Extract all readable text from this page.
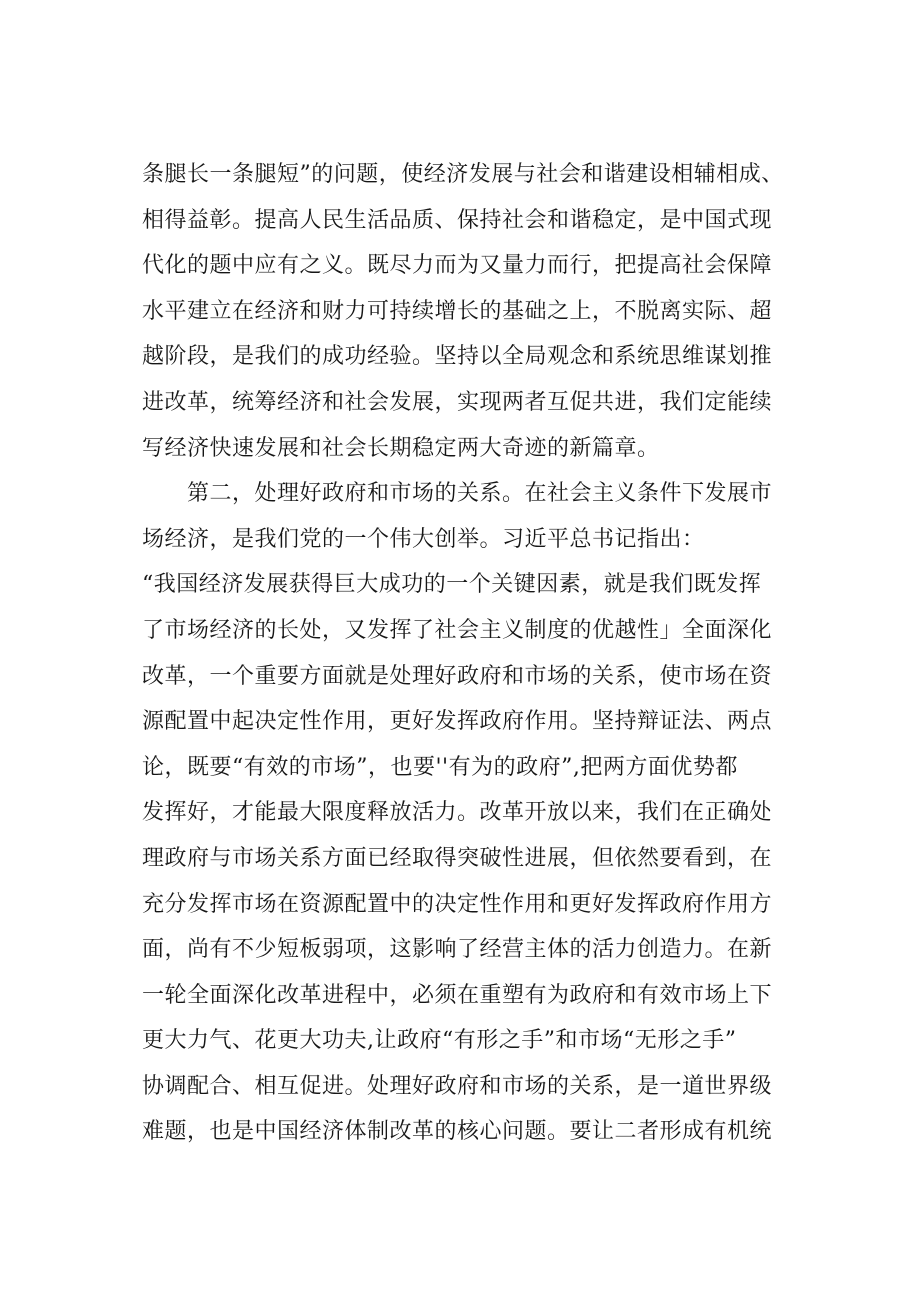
条腿长一条腿短”的问题，使经济发展与社会和谐建设相辅相成、
相得益彰。提高人民生活品质、保持社会和谐稳定，是中国式现
代化的题中应有之义。既尽力而为又量力而行，把提高社会保障
水平建立在经济和财力可持续增长的基础之上，不脱离实际、超
越阶段，是我们的成功经验。坚持以全局观念和系统思维谋划推
进改革，统筹经济和社会发展，实现两者互促共进，我们定能续
写经济快速发展和社会长期稳定两大奇迹的新篇章。
　　第二，处理好政府和市场的关系。在社会主义条件下发展市
场经济，是我们党的一个伟大创举。习近平总书记指出：
“我国经济发展获得巨大成功的一个关键因素，就是我们既发挥
了市场经济的长处，又发挥了社会主义制度的优越性」全面深化
改革，一个重要方面就是处理好政府和市场的关系，使市场在资
源配置中起决定性作用，更好发挥政府作用。坚持辩证法、两点
论，既要“有效的市场”，也要''有为的政府”,把两方面优势都
发挥好，才能最大限度释放活力。改革开放以来，我们在正确处
理政府与市场关系方面已经取得突破性进展，但依然要看到，在
充分发挥市场在资源配置中的决定性作用和更好发挥政府作用方
面，尚有不少短板弱项，这影响了经营主体的活力创造力。在新
一轮全面深化改革进程中，必须在重塑有为政府和有效市场上下
更大力气、花更大功夫,让政府“有形之手”和市场“无形之手”
协调配合、相互促进。处理好政府和市场的关系，是一道世界级
难题，也是中国经济体制改革的核心问题。要让二者形成有机统
